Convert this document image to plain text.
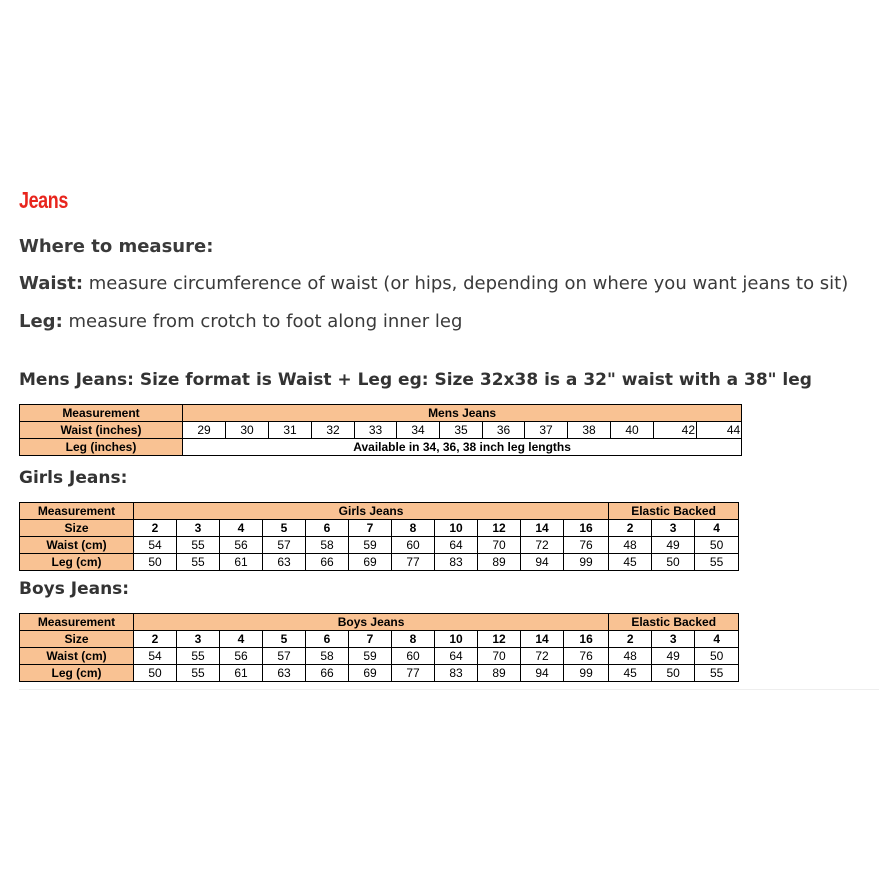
Jeans
Where to measure:
Waist: measure circumference of waist (or hips, depending on where you want jeans to sit)
Leg: measure from crotch to foot along inner leg
Mens Jeans: Size format is Waist + Leg eg: Size 32x38 is a 32" waist with a 38" leg
Measurement	Mens Jeans												
Waist (inches)	29	30	31	32	33	34	35	36	37	38	40	42	44
Leg (inches)	Available in 34, 36, 38 inch leg lengths												
Girls Jeans:
Measurement	Girls Jeans											Elastic Backed		
Size	2	3	4	5	6	7	8	10	12	14	16	2	3	4
Waist (cm)	54	55	56	57	58	59	60	64	70	72	76	48	49	50
Leg (cm)	50	55	61	63	66	69	77	83	89	94	99	45	50	55
Boys Jeans:
Measurement	Boys Jeans											Elastic Backed		
Size	2	3	4	5	6	7	8	10	12	14	16	2	3	4
Waist (cm)	54	55	56	57	58	59	60	64	70	72	76	48	49	50
Leg (cm)	50	55	61	63	66	69	77	83	89	94	99	45	50	55
